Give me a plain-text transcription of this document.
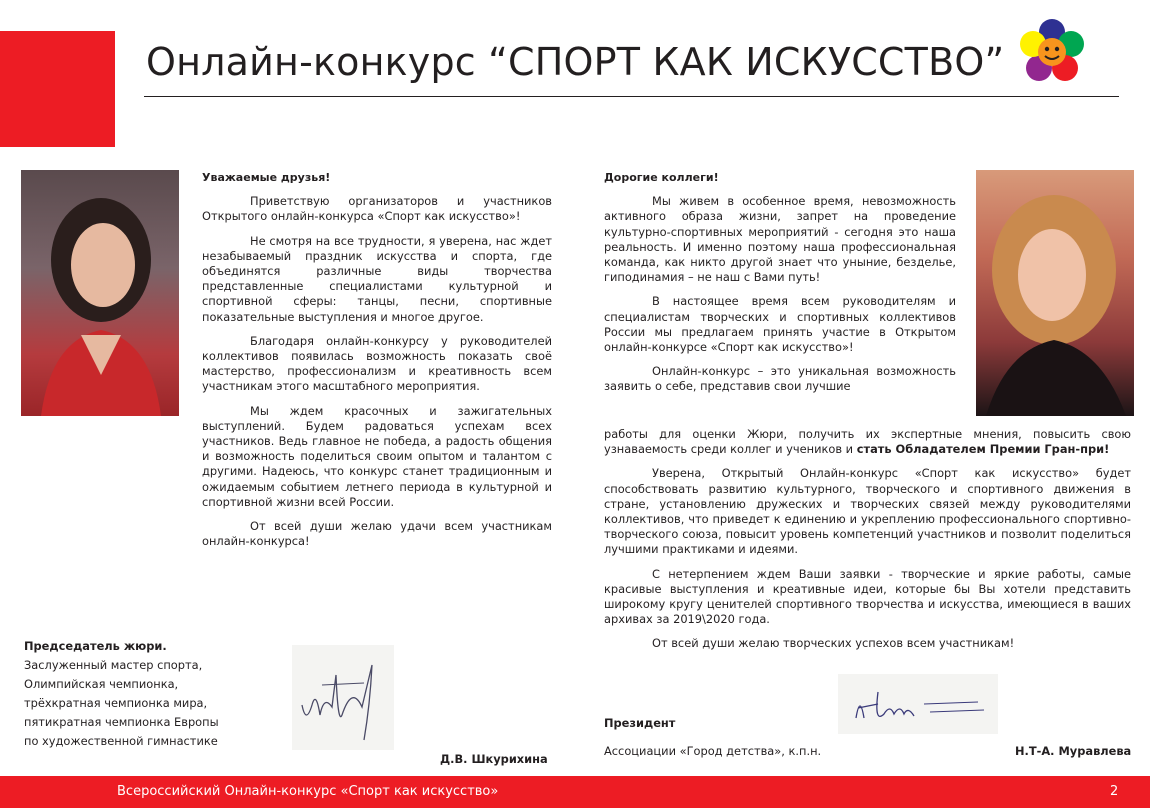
Онлайн-конкурс “СПОРТ КАК ИСКУССТВО”

Уважаемые друзья!

Приветствую организаторов и участников Открытого онлайн-конкурса «Спорт как искусство»!

Не смотря на все трудности, я уверена, нас ждет незабываемый праздник искусства и спорта, где объединятся различные виды творчества представленные специалистами культурной и спортивной сферы: танцы, песни, спортивные показательные выступления и многое другое.

Благодаря онлайн-конкурсу у руководителей коллективов появилась возможность показать своё мастерство, профессионализм и креативность всем участникам этого масштабного мероприятия.

Мы ждем красочных и зажигательных выступлений. Будем радоваться успехам всех участников. Ведь главное не победа, а радость общения и возможность поделиться своим опытом и талантом с другими. Надеюсь, что конкурс станет традиционным и ожидаемым событием летнего периода в культурной и спортивной жизни всей России.

От всей души желаю удачи всем участникам онлайн-конкурса!

Председатель жюри.
Заслуженный мастер спорта,
Олимпийская чемпионка,
трёхкратная чемпионка мира,
пятикратная чемпионка Европы
по художественной гимнастике
Д.В. Шкурихина

Дорогие коллеги!

Мы живем в особенное время, невозможность активного образа жизни, запрет на проведение культурно-спортивных мероприятий - сегодня это наша реальность. И именно поэтому наша профессиональная команда, как никто другой знает что уныние, безделье, гиподинамия – не наш с Вами путь!

В настоящее время всем руководителям и специалистам творческих и спортивных коллективов России мы предлагаем принять участие в Открытом онлайн-конкурсе «Спорт как искусство»!

Онлайн-конкурс – это уникальная возможность заявить о себе, представив свои лучшие

работы для оценки Жюри, получить их экспертные мнения, повысить свою узнаваемость среди коллег и учеников и стать Обладателем Премии Гран-при!

Уверена, Открытый Онлайн-конкурс «Спорт как искусство» будет способствовать развитию культурного, творческого и спортивного движения в стране, установлению дружеских и творческих связей между руководителями коллективов, что приведет к единению и укреплению профессионального спортивно-творческого союза, повысит уровень компетенций участников и позволит поделиться лучшими практиками и идеями.

С нетерпением ждем Ваши заявки - творческие и яркие работы, самые красивые выступления и креативные идеи, которые бы Вы хотели представить широкому кругу ценителей спортивного творчества и искусства, имеющиеся в ваших архивах за 2019\2020 года.

От всей души желаю творческих успехов всем участникам!

Президент
Ассоциации «Город детства», к.п.н.	Н.Т-А. Муравлева
Всероссийский Онлайн-конкурс «Спорт как искусство»	2
